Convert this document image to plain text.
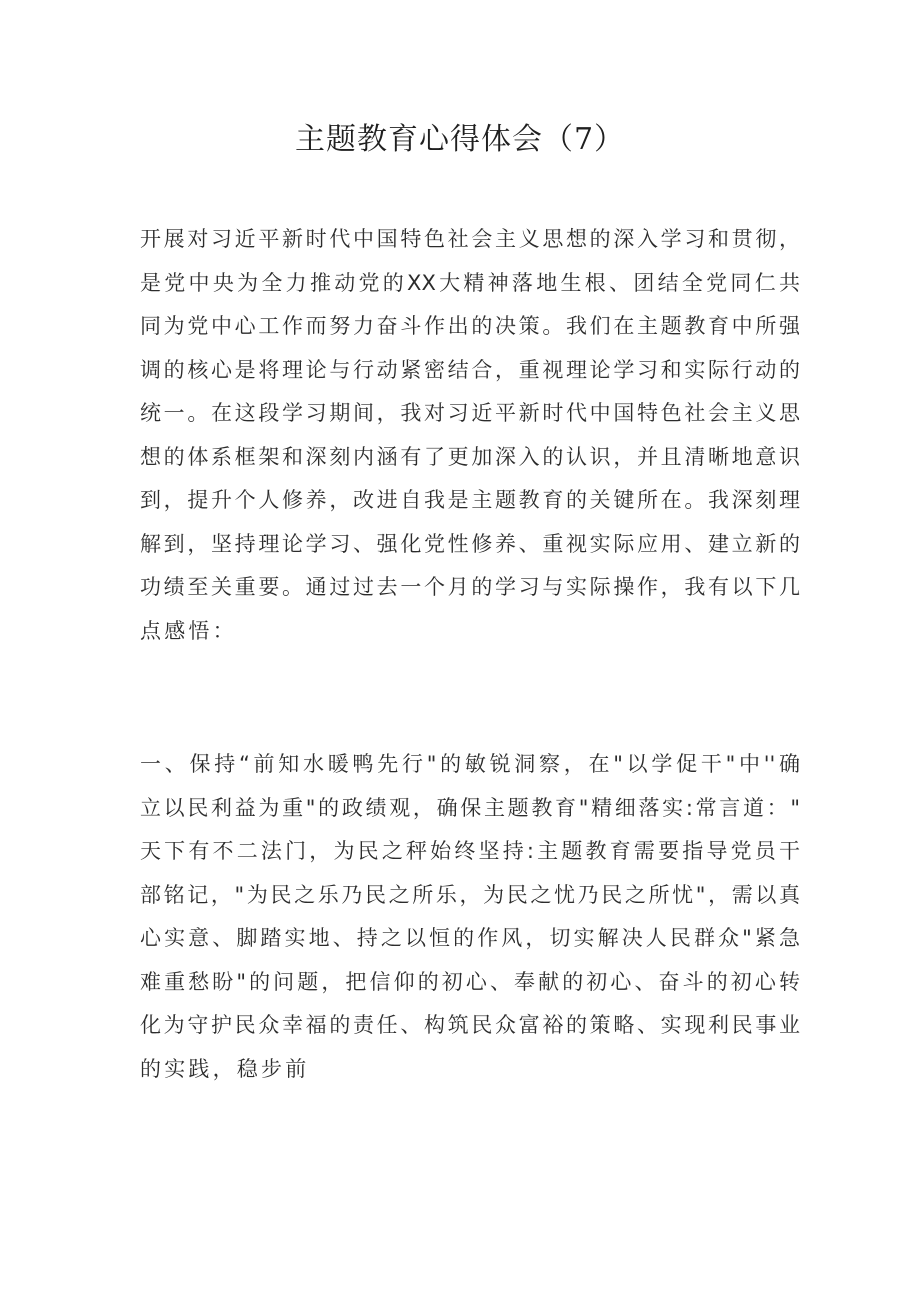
主题教育心得体会（7）
开展对习近平新时代中国特色社会主义思想的深入学习和贯彻，
是党中央为全力推动党的XX大精神落地生根、团结全党同仁共
同为党中心工作而努力奋斗作出的决策。我们在主题教育中所强
调的核心是将理论与行动紧密结合，重视理论学习和实际行动的
统一。在这段学习期间，我对习近平新时代中国特色社会主义思
想的体系框架和深刻内涵有了更加深入的认识，并且清晰地意识
到，提升个人修养，改进自我是主题教育的关键所在。我深刻理
解到，坚持理论学习、强化党性修养、重视实际应用、建立新的
功绩至关重要。通过过去一个月的学习与实际操作，我有以下几
点感悟：
一、保持“前知水暖鸭先行"的敏锐洞察，在"以学促干"中''确
立以民利益为重"的政绩观，确保主题教育"精细落实:常言道："
天下有不二法门，为民之秤始终坚持:主题教育需要指导党员干
部铭记，"为民之乐乃民之所乐，为民之忧乃民之所忧"，需以真
心实意、脚踏实地、持之以恒的作风，切实解决人民群众"紧急
难重愁盼"的问题，把信仰的初心、奉献的初心、奋斗的初心转
化为守护民众幸福的责任、构筑民众富裕的策略、实现利民事业
的实践，稳步前
